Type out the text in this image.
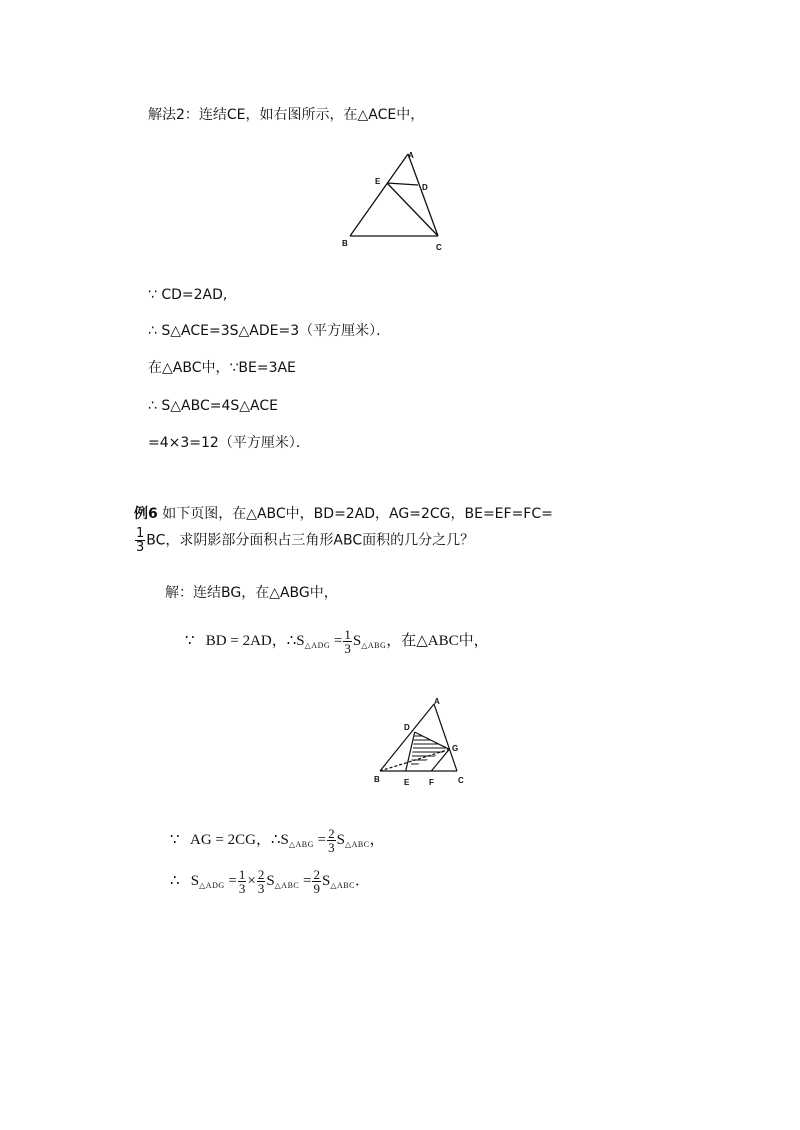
解法2：连结CE，如右图所示，在△ACE中，
A
E
D
B	C
∵ CD=2AD,
∴ S△ACE=3S△ADE=3（平方厘米）．
在△ABC中，∵BE=3AE
∴ S△ABC=4S△ACE
=4×3=12（平方厘米）．
例6 如下页图，在△ABC中，BD=2AD，AG=2CG，BE=EF=FC=
$\frac{1}{3}$ BC，求阴影部分面积占三角形ABC面积的几分之几？
解：连结BG，在△ABG中，
∵ BD = 2AD，$\therefore S_{\triangle ADG} = \frac{1}{3} S_{\triangle ABG}$，在△ABC中，
A
D
G
B	E F	C
∵ AG = 2CG，$\therefore S_{\triangle ABG} = \frac{2}{3} S_{\triangle ABC}$，
∴ $S_{\triangle ADG} = \frac{1}{3} \times \frac{2}{3} S_{\triangle ABC} = \frac{2}{9} S_{\triangle ABC}$．
